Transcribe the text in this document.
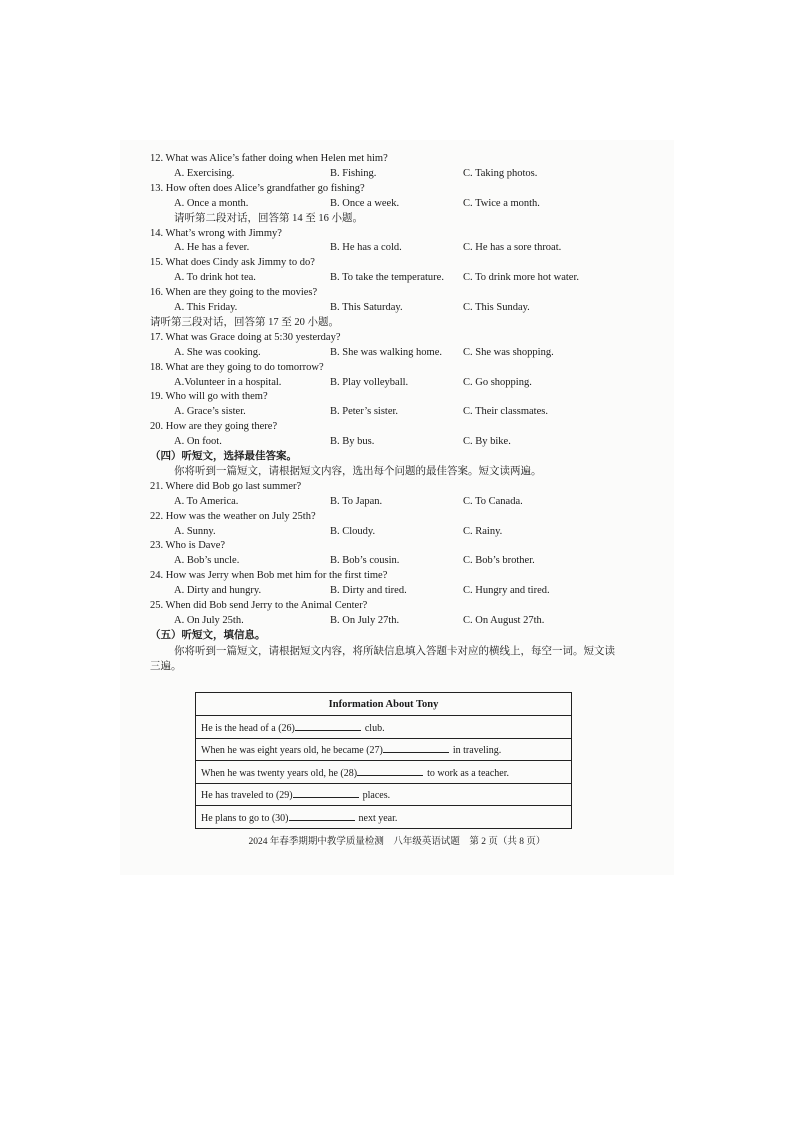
12. What was Alice’s father doing when Helen met him?
A. Exercising.	B. Fishing.	C. Taking photos.
13. How often does Alice’s grandfather go fishing?
A. Once a month.	B. Once a week.	C. Twice a month.
请听第二段对话，回答第 14 至 16 小题。
14. What’s wrong with Jimmy?
A. He has a fever.	B. He has a cold.	C. He has a sore throat.
15. What does Cindy ask Jimmy to do?
A. To drink hot tea.	B. To take the temperature. C. To drink more hot water.
16. When are they going to the movies?
A. This Friday.	B. This Saturday.	C. This Sunday.
请听第三段对话，回答第 17 至 20 小题。
17. What was Grace doing at 5:30 yesterday?
A. She was cooking.	B. She was walking home. C. She was shopping.
18. What are they going to do tomorrow?
A.Volunteer in a hospital.	B. Play volleyball.	C. Go shopping.
19. Who will go with them?
A. Grace’s sister.	B. Peter’s sister.	C. Their classmates.
20. How are they going there?
A. On foot.	B. By bus.	C. By bike.
（四）听短文，选择最佳答案。
你将听到一篇短文，请根据短文内容，选出每个问题的最佳答案。短文读两遍。
21. Where did Bob go last summer?
A. To America.	B. To Japan.	C. To Canada.
22. How was the weather on July 25th?
A. Sunny.	B. Cloudy.	C. Rainy.
23. Who is Dave?
A. Bob’s uncle.	B. Bob’s cousin.	C. Bob’s brother.
24. How was Jerry when Bob met him for the first time?
A. Dirty and hungry.	B. Dirty and tired.	C. Hungry and tired.
25. When did Bob send Jerry to the Animal Center?
A. On July 25th.	B. On July 27th.	C. On August 27th.
（五）听短文，填信息。
你将听到一篇短文，请根据短文内容，将所缺信息填入答题卡对应的横线上，每空一词。短文读三遍。
Information About Tony
He is the head of a (26)	club.
When he was eight years old, he became (27)	in traveling.
When he was twenty years old, he (28)	to work as a teacher.
He has traveled to (29)	places.
He plans to go to (30)	next year.
2024 年春季期期中教学质量检测　八年级英语试题　第 2 页（共 8 页）
